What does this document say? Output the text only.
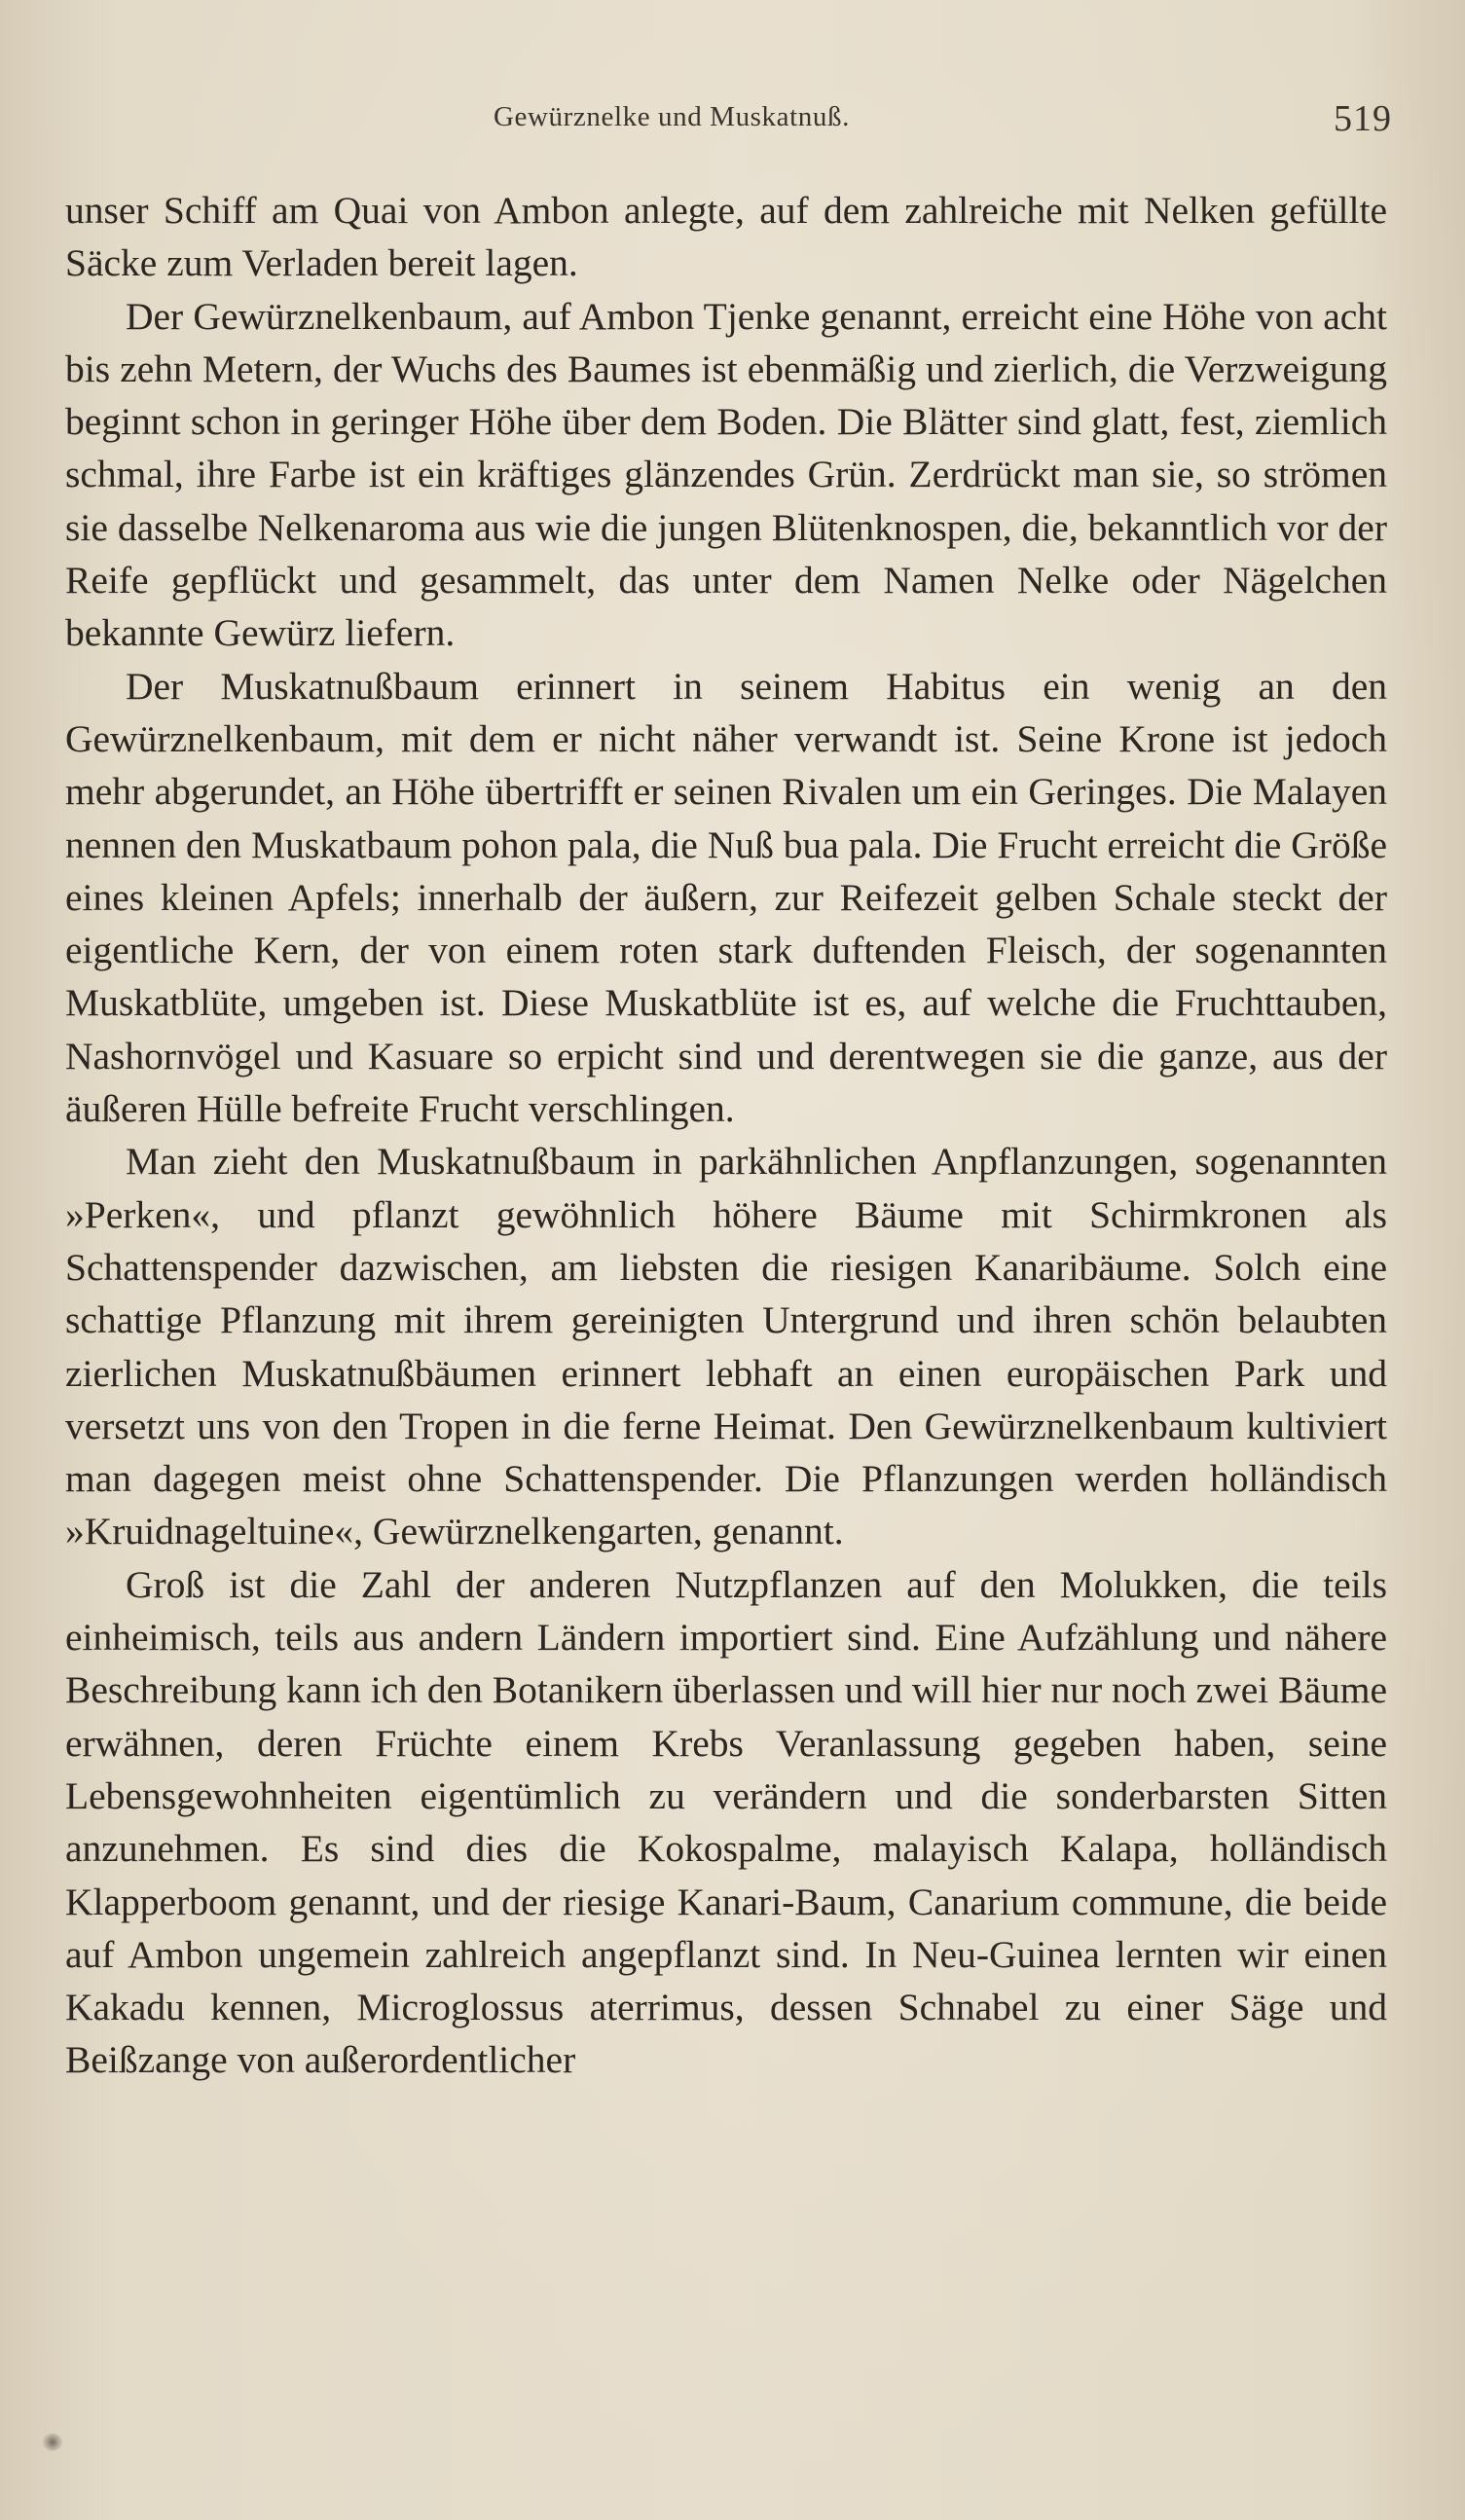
Gewürznelke und Muskatnuß.	519

unser Schiff am Quai von Ambon anlegte, auf dem zahlreiche mit Nelken gefüllte Säcke zum Verladen bereit lagen.

Der Gewürznelkenbaum, auf Ambon Tjenke genannt, erreicht eine Höhe von acht bis zehn Metern, der Wuchs des Baumes ist ebenmäßig und zierlich, die Verzweigung beginnt schon in geringer Höhe über dem Boden. Die Blätter sind glatt, fest, ziemlich schmal, ihre Farbe ist ein kräftiges glänzendes Grün. Zerdrückt man sie, so strömen sie dasselbe Nelkenaroma aus wie die jungen Blütenknospen, die, bekanntlich vor der Reife gepflückt und gesammelt, das unter dem Namen Nelke oder Nägelchen bekannte Gewürz liefern.

Der Muskatnußbaum erinnert in seinem Habitus ein wenig an den Gewürznelkenbaum, mit dem er nicht näher verwandt ist. Seine Krone ist jedoch mehr abgerundet, an Höhe übertrifft er seinen Rivalen um ein Geringes. Die Malayen nennen den Muskatbaum pohon pala, die Nuß bua pala. Die Frucht erreicht die Größe eines kleinen Apfels; innerhalb der äußern, zur Reifezeit gelben Schale steckt der eigentliche Kern, der von einem roten stark duftenden Fleisch, der sogenannten Muskatblüte, umgeben ist. Diese Muskatblüte ist es, auf welche die Fruchttauben, Nashornvögel und Kasuare so erpicht sind und derentwegen sie die ganze, aus der äußeren Hülle befreite Frucht verschlingen.

Man zieht den Muskatnußbaum in parkähnlichen Anpflanzungen, sogenannten »Perken«, und pflanzt gewöhnlich höhere Bäume mit Schirmkronen als Schattenspender dazwischen, am liebsten die riesigen Kanaribäume. Solch eine schattige Pflanzung mit ihrem gereinigten Untergrund und ihren schön belaubten zierlichen Muskatnußbäumen erinnert lebhaft an einen europäischen Park und versetzt uns von den Tropen in die ferne Heimat. Den Gewürznelkenbaum kultiviert man dagegen meist ohne Schattenspender. Die Pflanzungen werden holländisch »Kruidnageltuine«, Gewürznelkengarten, genannt.

Groß ist die Zahl der anderen Nutzpflanzen auf den Molukken, die teils einheimisch, teils aus andern Ländern importiert sind. Eine Aufzählung und nähere Beschreibung kann ich den Botanikern überlassen und will hier nur noch zwei Bäume erwähnen, deren Früchte einem Krebs Veranlassung gegeben haben, seine Lebensgewohnheiten eigentümlich zu verändern und die sonderbarsten Sitten anzunehmen. Es sind dies die Kokospalme, malayisch Kalapa, holländisch Klapperboom genannt, und der riesige Kanari-Baum, Canarium commune, die beide auf Ambon ungemein zahlreich angepflanzt sind. In Neu-Guinea lernten wir einen Kakadu kennen, Microglossus aterrimus, dessen Schnabel zu einer Säge und Beißzange von außerordentlicher
